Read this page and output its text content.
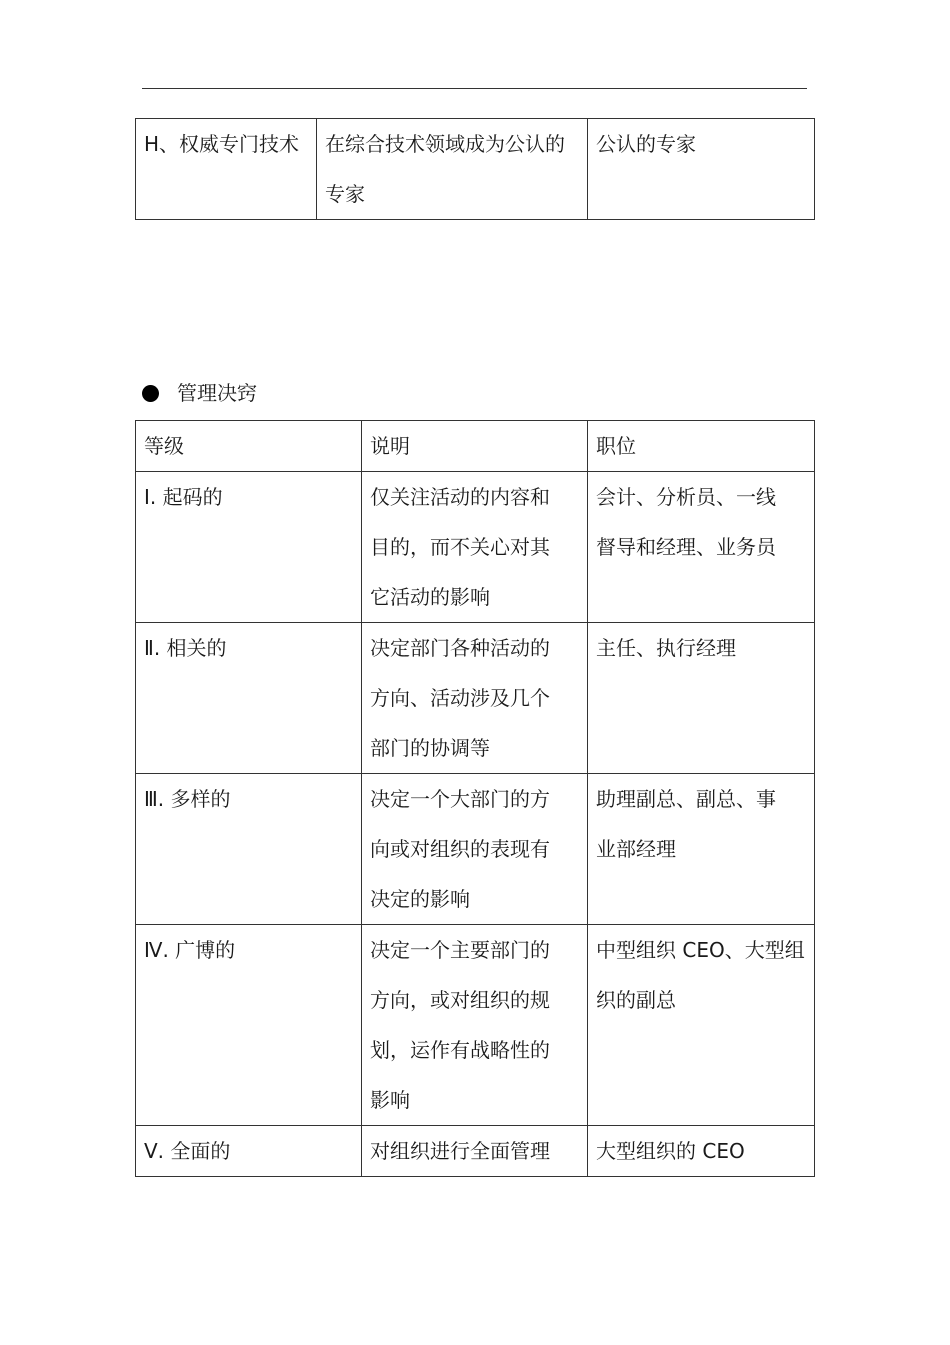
H、权威专门技术	在综合技术领域成为公认的专家	公认的专家
管理决窍
等级	说明	职位
Ⅰ. 起码的	仅关注活动的内容和目的，而不关心对其它活动的影响	会计、分析员、一线督导和经理、业务员
Ⅱ. 相关的	决定部门各种活动的方向、活动涉及几个部门的协调等	主任、执行经理
Ⅲ. 多样的	决定一个大部门的方向或对组织的表现有决定的影响	助理副总、副总、事业部经理
Ⅳ. 广博的	决定一个主要部门的方向，或对组织的规划，运作有战略性的影响	中型组织 CEO、大型组织的副总
Ⅴ. 全面的	对组织进行全面管理	大型组织的 CEO
